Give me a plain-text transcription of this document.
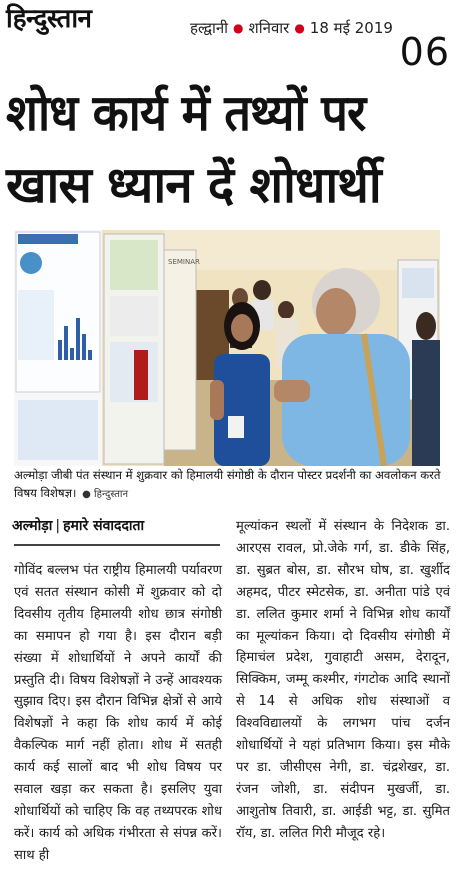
हिन्दुस्तान	हल्द्वानी ● शनिवार ● 18 मई 2019
06
शोध कार्य में तथ्यों पर
खास ध्यान दें शोधार्थी
SEMINAR
अल्मोड़ा जीबी पंत संस्थान में शुक्रवार को हिमालयी संगोष्ठी के दौरान पोस्टर प्रदर्शनी का अवलोकन करते विषय विशेषज्ञ। ● हिन्दुस्तान
अल्मोड़ा | हमारे संवाददाता

गोविंद बल्लभ पंत राष्ट्रीय हिमालयी पर्यावरण एवं सतत संस्थान कोसी में शुक्रवार को दो दिवसीय तृतीय हिमालयी शोध छात्र संगोष्ठी का समापन हो गया है। इस दौरान बड़ी संख्या में शोधार्थियों ने अपने कार्यों की प्रस्तुति दी। विषय विशेषज्ञों ने उन्हें आवश्यक सुझाव दिए। इस दौरान विभिन्न क्षेत्रों से आये विशेषज्ञों ने कहा कि शोध कार्य में कोई वैकल्पिक मार्ग नहीं होता। शोध में सतही कार्य कई सालों बाद भी शोध विषय पर सवाल खड़ा कर सकता है। इसलिए युवा शोधार्थियों को चाहिए कि वह तथ्यपरक शोध करें। कार्य को अधिक गंभीरता से संपन्न करें। साथ ही

मूल्यांकन स्थलों में संस्थान के निदेशक डा. आरएस रावल, प्रो.जेके गर्ग, डा. डीके सिंह, डा. सुब्रत बोस, डा. सौरभ घोष, डा. खुर्शीद अहमद, पीटर स्मेटसेक, डा. अनीता पांडे एवं डा. ललित कुमार शर्मा ने विभिन्न शोध कार्यों का मूल्यांकन किया। दो दिवसीय संगोष्ठी में हिमाचंल प्रदेश, गुवाहाटी असम, देरादून, सिक्किम, जम्मू कश्मीर, गंगटोक आदि स्थानों से 14 से अधिक शोध संस्थाओं व विश्वविद्यालयों के लगभग पांच दर्जन शोधार्थियों ने यहां प्रतिभाग किया। इस मौके पर डा. जीसीएस नेगी, डा. चंद्रशेखर, डा. रंजन जोशी, डा. संदीपन मुखर्जी, डा. आशुतोष तिवारी, डा. आईडी भट्ट, डा. सुमित रॉय, डा. ललित गिरी मौजूद रहे।
